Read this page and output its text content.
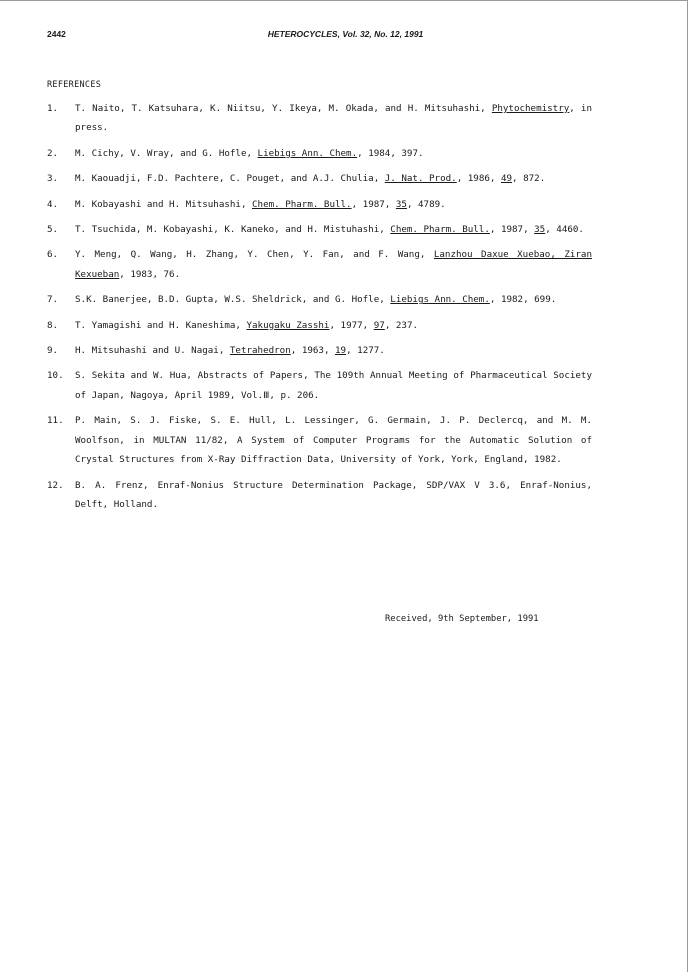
2442	HETEROCYCLES, Vol. 32, No. 12, 1991
REFERENCES
1. T. Naito, T. Katsuhara, K. Niitsu, Y. Ikeya, M. Okada, and H. Mitsuhashi, Phytochemistry, in press.
2. M. Cichy, V. Wray, and G. Hofle, Liebigs Ann. Chem., 1984, 397.
3. M. Kaouadji, F.D. Pachtere, C. Pouget, and A.J. Chulia, J. Nat. Prod., 1986, 49, 872.
4. M. Kobayashi and H. Mitsuhashi, Chem. Pharm. Bull., 1987, 35, 4789.
5. T. Tsuchida, M. Kobayashi, K. Kaneko, and H. Mistuhashi, Chem. Pharm. Bull., 1987, 35, 4460.
6. Y. Meng, Q. Wang, H. Zhang, Y. Chen, Y. Fan, and F. Wang, Lanzhou Daxue Xuebao, Ziran Kexueban, 1983, 76.
7. S.K. Banerjee, B.D. Gupta, W.S. Sheldrick, and G. Hofle, Liebigs Ann. Chem., 1982, 699.
8. T. Yamagishi and H. Kaneshima, Yakugaku Zasshi, 1977, 97, 237.
9. H. Mitsuhashi and U. Nagai, Tetrahedron, 1963, 19, 1277.
10. S. Sekita and W. Hua, Abstracts of Papers, The 109th Annual Meeting of Pharmaceutical Society of Japan, Nagoya, April 1989, Vol.Ⅲ, p. 206.
11. P. Main, S. J. Fiske, S. E. Hull, L. Lessinger, G. Germain, J. P. Declercq, and M. M. Woolfson, in MULTAN 11/82, A System of Computer Programs for the Automatic Solution of Crystal Structures from X-Ray Diffraction Data, University of York, York, England, 1982.
12. B. A. Frenz, Enraf-Nonius Structure Determination Package, SDP/VAX V 3.6, Enraf-Nonius, Delft, Holland.
Received, 9th September, 1991
